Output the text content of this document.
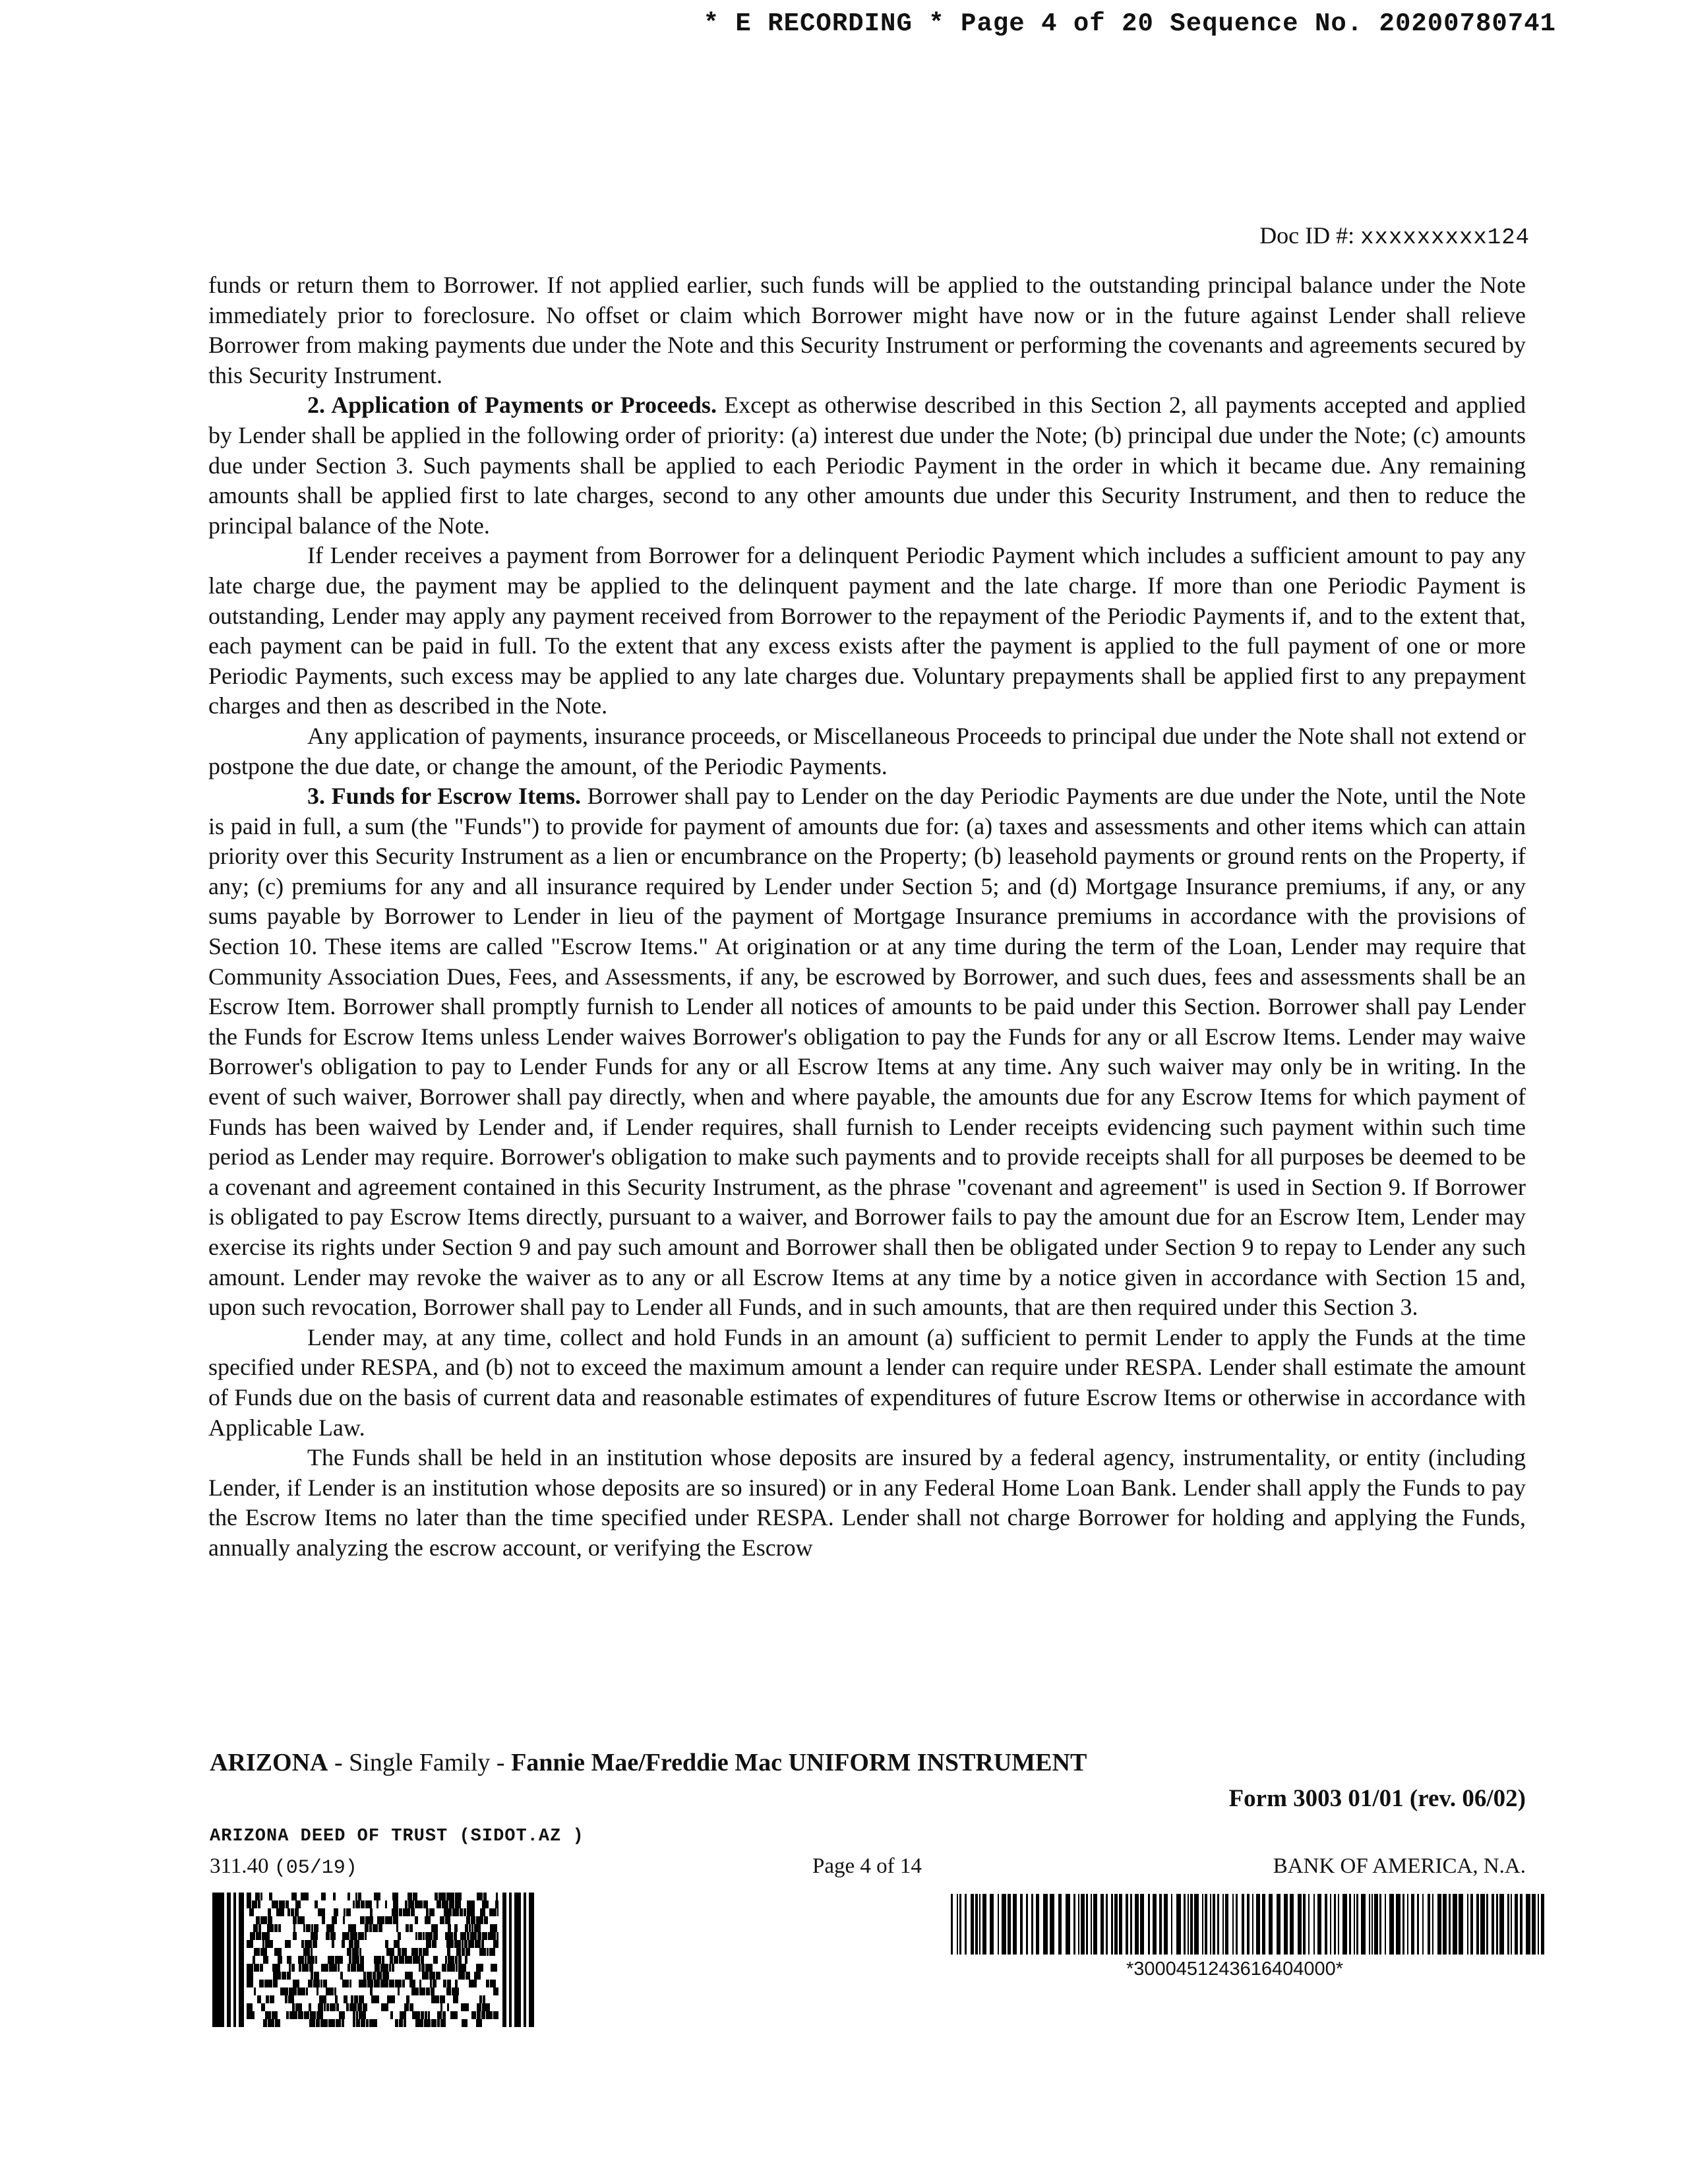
* E RECORDING * Page 4 of 20 Sequence No. 20200780741
Doc ID #: xxxxxxxxx124

funds or return them to Borrower. If not applied earlier, such funds will be applied to the outstanding principal balance under the Note immediately prior to foreclosure. No offset or claim which Borrower might have now or in the future against Lender shall relieve Borrower from making payments due under the Note and this Security Instrument or performing the covenants and agreements secured by this Security Instrument.

2. Application of Payments or Proceeds. Except as otherwise described in this Section 2, all payments accepted and applied by Lender shall be applied in the following order of priority: (a) interest due under the Note; (b) principal due under the Note; (c) amounts due under Section 3. Such payments shall be applied to each Periodic Payment in the order in which it became due. Any remaining amounts shall be applied first to late charges, second to any other amounts due under this Security Instrument, and then to reduce the principal balance of the Note.

If Lender receives a payment from Borrower for a delinquent Periodic Payment which includes a sufficient amount to pay any late charge due, the payment may be applied to the delinquent payment and the late charge. If more than one Periodic Payment is outstanding, Lender may apply any payment received from Borrower to the repayment of the Periodic Payments if, and to the extent that, each payment can be paid in full. To the extent that any excess exists after the payment is applied to the full payment of one or more Periodic Payments, such excess may be applied to any late charges due. Voluntary prepayments shall be applied first to any prepayment charges and then as described in the Note.

Any application of payments, insurance proceeds, or Miscellaneous Proceeds to principal due under the Note shall not extend or postpone the due date, or change the amount, of the Periodic Payments.

3. Funds for Escrow Items. Borrower shall pay to Lender on the day Periodic Payments are due under the Note, until the Note is paid in full, a sum (the "Funds") to provide for payment of amounts due for: (a) taxes and assessments and other items which can attain priority over this Security Instrument as a lien or encumbrance on the Property; (b) leasehold payments or ground rents on the Property, if any; (c) premiums for any and all insurance required by Lender under Section 5; and (d) Mortgage Insurance premiums, if any, or any sums payable by Borrower to Lender in lieu of the payment of Mortgage Insurance premiums in accordance with the provisions of Section 10. These items are called "Escrow Items." At origination or at any time during the term of the Loan, Lender may require that Community Association Dues, Fees, and Assessments, if any, be escrowed by Borrower, and such dues, fees and assessments shall be an Escrow Item. Borrower shall promptly furnish to Lender all notices of amounts to be paid under this Section. Borrower shall pay Lender the Funds for Escrow Items unless Lender waives Borrower's obligation to pay the Funds for any or all Escrow Items. Lender may waive Borrower's obligation to pay to Lender Funds for any or all Escrow Items at any time. Any such waiver may only be in writing. In the event of such waiver, Borrower shall pay directly, when and where payable, the amounts due for any Escrow Items for which payment of Funds has been waived by Lender and, if Lender requires, shall furnish to Lender receipts evidencing such payment within such time period as Lender may require. Borrower's obligation to make such payments and to provide receipts shall for all purposes be deemed to be a covenant and agreement contained in this Security Instrument, as the phrase "covenant and agreement" is used in Section 9. If Borrower is obligated to pay Escrow Items directly, pursuant to a waiver, and Borrower fails to pay the amount due for an Escrow Item, Lender may exercise its rights under Section 9 and pay such amount and Borrower shall then be obligated under Section 9 to repay to Lender any such amount. Lender may revoke the waiver as to any or all Escrow Items at any time by a notice given in accordance with Section 15 and, upon such revocation, Borrower shall pay to Lender all Funds, and in such amounts, that are then required under this Section 3.

Lender may, at any time, collect and hold Funds in an amount (a) sufficient to permit Lender to apply the Funds at the time specified under RESPA, and (b) not to exceed the maximum amount a lender can require under RESPA. Lender shall estimate the amount of Funds due on the basis of current data and reasonable estimates of expenditures of future Escrow Items or otherwise in accordance with Applicable Law.

The Funds shall be held in an institution whose deposits are insured by a federal agency, instrumentality, or entity (including Lender, if Lender is an institution whose deposits are so insured) or in any Federal Home Loan Bank. Lender shall apply the Funds to pay the Escrow Items no later than the time specified under RESPA. Lender shall not charge Borrower for holding and applying the Funds, annually analyzing the escrow account, or verifying the Escrow

ARIZONA - Single Family - Fannie Mae/Freddie Mac UNIFORM INSTRUMENT
Form 3003 01/01 (rev. 06/02)
ARIZONA DEED OF TRUST (SIDOT.AZ )
311.40 (05/19)	Page 4 of 14	BANK OF AMERICA, N.A.
*3000451243616404000*
